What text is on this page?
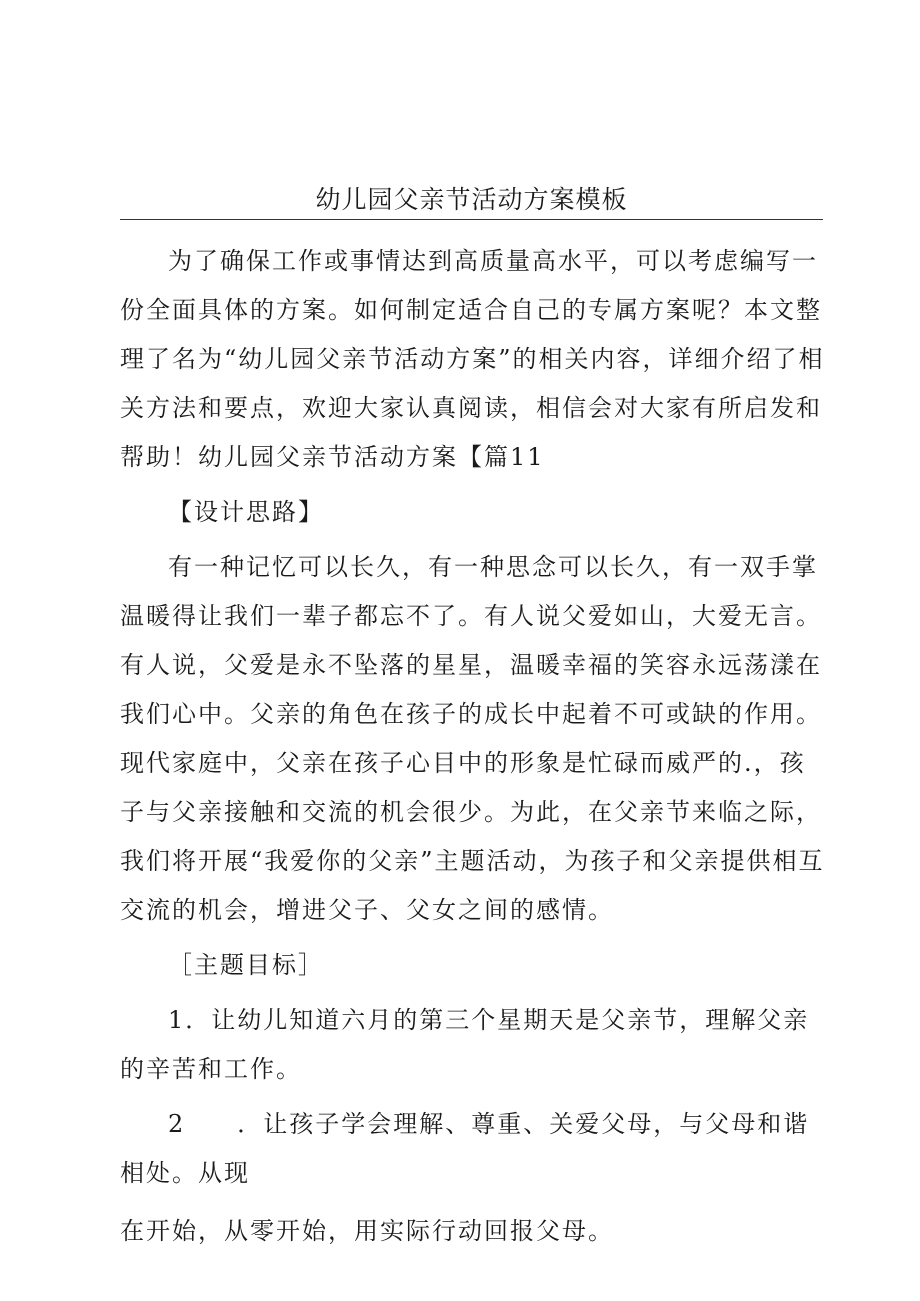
幼儿园父亲节活动方案模板

为了确保工作或事情达到高质量高水平，可以考虑编写一份全面具体的方案。如何制定适合自己的专属方案呢？本文整理了名为“幼儿园父亲节活动方案”的相关内容，详细介绍了相关方法和要点，欢迎大家认真阅读，相信会对大家有所启发和帮助！幼儿园父亲节活动方案【篇11

【设计思路】

有一种记忆可以长久，有一种思念可以长久，有一双手掌温暖得让我们一辈子都忘不了。有人说父爱如山，大爱无言。有人说，父爱是永不坠落的星星，温暖幸福的笑容永远荡漾在我们心中。父亲的角色在孩子的成长中起着不可或缺的作用。现代家庭中，父亲在孩子心目中的形象是忙碌而威严的.，孩子与父亲接触和交流的机会很少。为此，在父亲节来临之际，我们将开展“我爱你的父亲”主题活动，为孩子和父亲提供相互交流的机会，增进父子、父女之间的感情。

［主题目标］

1．让幼儿知道六月的第三个星期天是父亲节，理解父亲的辛苦和工作。

2　　．让孩子学会理解、尊重、关爱父母，与父母和谐相处。从现

在开始，从零开始，用实际行动回报父母。
